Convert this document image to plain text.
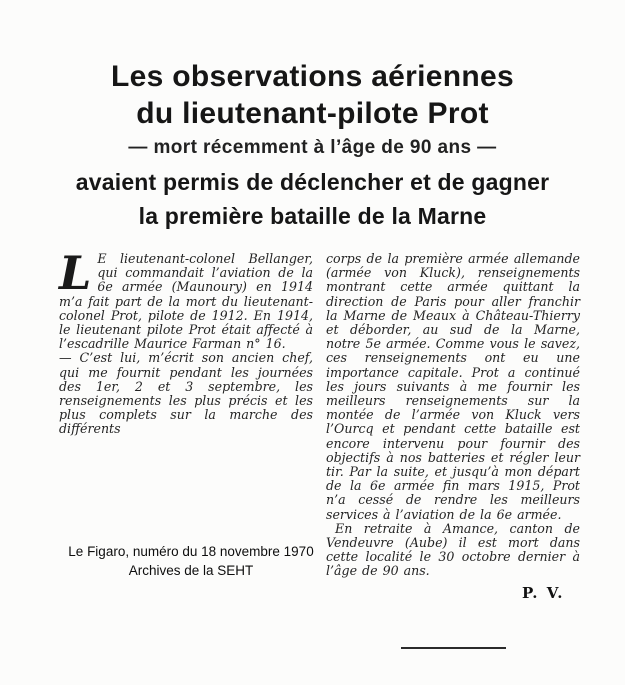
Les observations aériennes
du lieutenant-pilote Prot
— mort récemment à l’âge de 90 ans —
avaient permis de déclencher et de gagner
la première bataille de la Marne

L E lieutenant-colonel Bellanger, qui commandait l’aviation de la 6e armée (Maunoury) en 1914 m’a fait part de la mort du lieutenant-colonel Prot, pilote de 1912. En 1914, le lieutenant pilote Prot était affecté à l’escadrille Maurice Farman n° 16.

— C’est lui, m’écrit son ancien chef, qui me fournit pendant les journées des 1er, 2 et 3 septembre, les renseignements les plus précis et les plus complets sur la marche des différents

corps de la première armée allemande (armée von Kluck), renseignements montrant cette armée quittant la direction de Paris pour aller franchir la Marne de Meaux à Château-Thierry et déborder, au sud de la Marne, notre 5e armée. Comme vous le savez, ces renseignements ont eu une importance capitale. Prot a continué les jours suivants à me fournir les meilleurs renseignements sur la montée de l’armée von Kluck vers l’Ourcq et pendant cette bataille est encore intervenu pour fournir des objectifs à nos batteries et régler leur tir. Par la suite, et jusqu’à mon départ de la 6e armée fin mars 1915, Prot n’a cessé de rendre les meilleurs services à l’aviation de la 6e armée.

En retraite à Amance, canton de Vendeuvre (Aube) il est mort dans cette localité le 30 octobre dernier à l’âge de 90 ans.

P. V.
Le Figaro, numéro du 18 novembre 1970
Archives de la SEHT
